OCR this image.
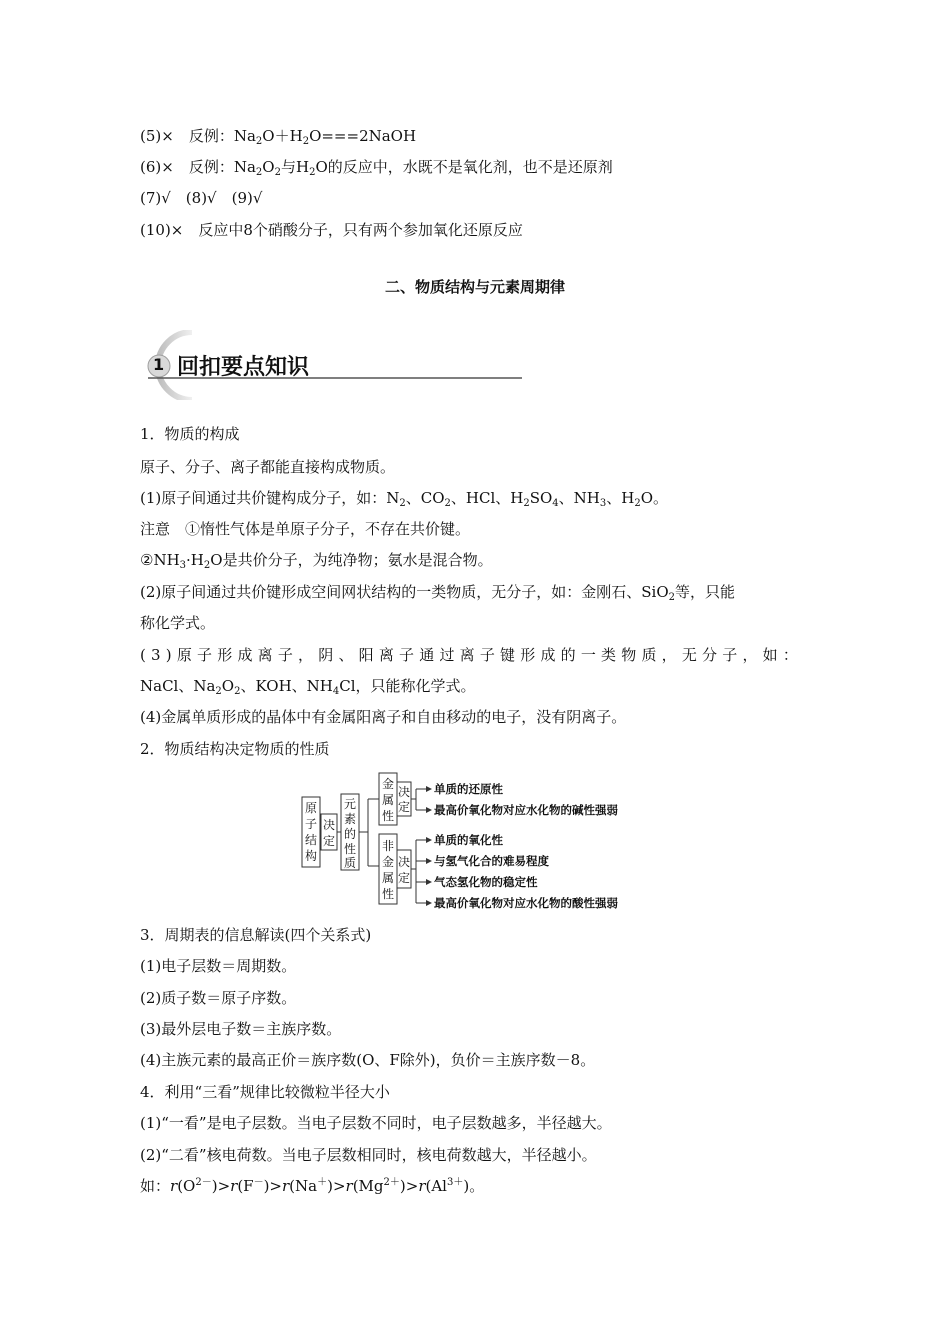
(5)×　 反例：$Na_2O+H_2O===2NaOH$
(6)×　 反例：$Na_2O_2$与$H_2O$的反应中，水既不是氧化剂，也不是还原剂
(7)√　(8)√　(9)√
(10)×　 反应中8个硝酸分子，只有两个参加氧化还原反应
二、物质结构与元素周期律
1 回扣要点知识
1．物质的构成
原子、分子、离子都能直接构成物质。
(1)原子间通过共价键构成分子，如：$N_2$、$CO_2$、HCl、$H_2SO_4$、$NH_3$、$H_2O$。
注意　①惰性气体是单原子分子，不存在共价键。
$②NH_3\cdot H_2O$是共价分子，为纯净物；氨水是混合物。
(2)原子间通过共价键形成空间网状结构的一类物质，无分子，如：金刚石、SiO$_2$等，只能
称化学式。
(3)原子形成离子，阴、阳离子通过离子键形成的一类物质，无分子，如：
NaCl、$Na_2O_2$、KOH、$NH_4Cl$，只能称化学式。
(4)金属单质形成的晶体中有金属阳离子和自由移动的电子，没有阴离子。
2．物质结构决定物质的性质
原
子
结
构
决
定
元
素
的
性
质
金
属
性
决
定
非
金
属
性
决
定
单质的还原性
最高价氧化物对应水化物的碱性强弱
单质的氧化性
与氢气化合的难易程度
气态氢化物的稳定性
最高价氧化物对应水化物的酸性强弱
3．周期表的信息解读(四个关系式)
(1)电子层数＝周期数。
(2)质子数＝原子序数。
(3)最外层电子数＝主族序数。
(4)主族元素的最高正价＝族序数(O、F除外)，负价＝主族序数－8。
4．利用“三看”规律比较微粒半径大小
(1)“一看”是电子层数。当电子层数不同时，电子层数越多，半径越大。
(2)“二看”核电荷数。当电子层数相同时，核电荷数越大，半径越小。
如：$r(O^{2-})>r(F^-)>r(Na^+)>r(Mg^{2+})>r(Al^{3+})$。
